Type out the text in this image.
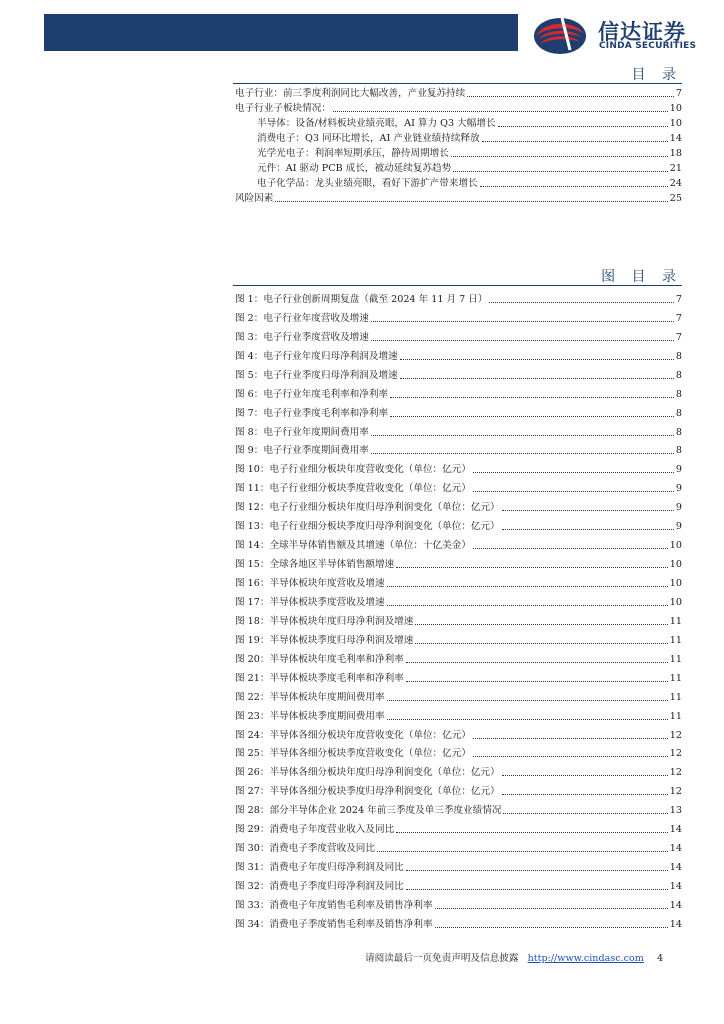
信达证券
CINDA SECURITIES
目 录
电子行业：前三季度利润同比大幅改善，产业复苏持续	7
电子行业子板块情况：	10
半导体：设备/材料板块业绩亮眼，AI 算力 Q3 大幅增长	10
消费电子：Q3 同环比增长，AI 产业链业绩持续释放	14
光学光电子：利润率短期承压，静待周期增长	18
元件：AI 驱动 PCB 成长，被动延续复苏趋势	21
电子化学品：龙头业绩亮眼，看好下游扩产带来增长	24
风险因素	25
图 目 录
图 1：电子行业创新周期复盘（截至 2024 年 11 月 7 日）	7
图 2：电子行业年度营收及增速	7
图 3：电子行业季度营收及增速	7
图 4：电子行业年度归母净利润及增速	8
图 5：电子行业季度归母净利润及增速	8
图 6：电子行业年度毛利率和净利率	8
图 7：电子行业季度毛利率和净利率	8
图 8：电子行业年度期间费用率	8
图 9：电子行业季度期间费用率	8
图 10：电子行业细分板块年度营收变化（单位：亿元）	9
图 11：电子行业细分板块季度营收变化（单位：亿元）	9
图 12：电子行业细分板块年度归母净利润变化（单位：亿元）	9
图 13：电子行业细分板块季度归母净利润变化（单位：亿元）	9
图 14：全球半导体销售额及其增速（单位：十亿美金）	10
图 15：全球各地区半导体销售额增速	10
图 16：半导体板块年度营收及增速	10
图 17：半导体板块季度营收及增速	10
图 18：半导体板块年度归母净利润及增速	11
图 19：半导体板块季度归母净利润及增速	11
图 20：半导体板块年度毛利率和净利率	11
图 21：半导体板块季度毛利率和净利率	11
图 22：半导体板块年度期间费用率	11
图 23：半导体板块季度期间费用率	11
图 24：半导体各细分板块年度营收变化（单位：亿元）	12
图 25：半导体各细分板块季度营收变化（单位：亿元）	12
图 26：半导体各细分板块年度归母净利润变化（单位：亿元）	12
图 27：半导体各细分板块季度归母净利润变化（单位：亿元）	12
图 28：部分半导体企业 2024 年前三季度及单三季度业绩情况	13
图 29：消费电子年度营业收入及同比	14
图 30：消费电子季度营收及同比	14
图 31：消费电子年度归母净利润及同比	14
图 32：消费电子季度归母净利润及同比	14
图 33：消费电子年度销售毛利率及销售净利率	14
图 34：消费电子季度销售毛利率及销售净利率	14
请阅读最后一页免责声明及信息披露 http://www.cindasc.com 4
